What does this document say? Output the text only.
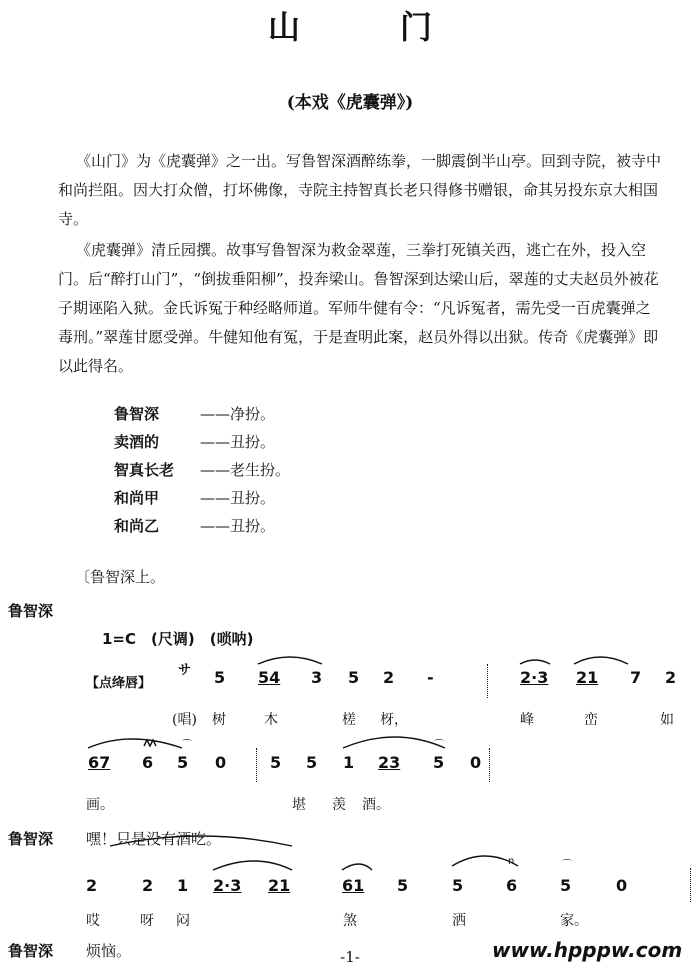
山　门
(本戏《虎囊弹》)

《山门》为《虎囊弹》之一出。写鲁智深酒醉练拳，一脚震倒半山亭。回到寺院，被寺中和尚拦阻。因大打众僧，打坏佛像，寺院主持智真长老只得修书赠银，命其另投东京大相国寺。

《虎囊弹》清丘园撰。故事写鲁智深为救金翠莲，三拳打死镇关西，逃亡在外，投入空门。后“醉打山门”，“倒拔垂阳柳”，投奔梁山。鲁智深到达梁山后，翠莲的丈夫赵员外被花子期诬陷入狱。金氏诉冤于种经略师道。军师牛健有令：“凡诉冤者，需先受一百虎囊弹之毒刑。”翠莲甘愿受弹。牛健知他有冤，于是查明此案，赵员外得以出狱。传奇《虎囊弹》即以此得名。

鲁智深	——净扮。
卖酒的	——丑扮。
智真长老	——老生扮。
和尚甲	——丑扮。
和尚乙	——丑扮。
〔鲁智深上。
鲁智深
1=C　(尺调)　(唢呐)
【点绛唇】
サ 5 54 3 5 2 -	2·3 21 7 2
(唱) 树	木	槎 枒，	峰	峦	如
67 6 5 0	5 5 1 23 5 0
画。	堪 羡 酒。
鲁智深 嘿！只是没有酒吃。
2	2 1 2·3 21	61 5	5	6	5	0
哎	呀 闷	煞	洒	家。
鲁智深 烦恼。	-1-	www.hpppw.com
⌒	⌒
⌒
n
